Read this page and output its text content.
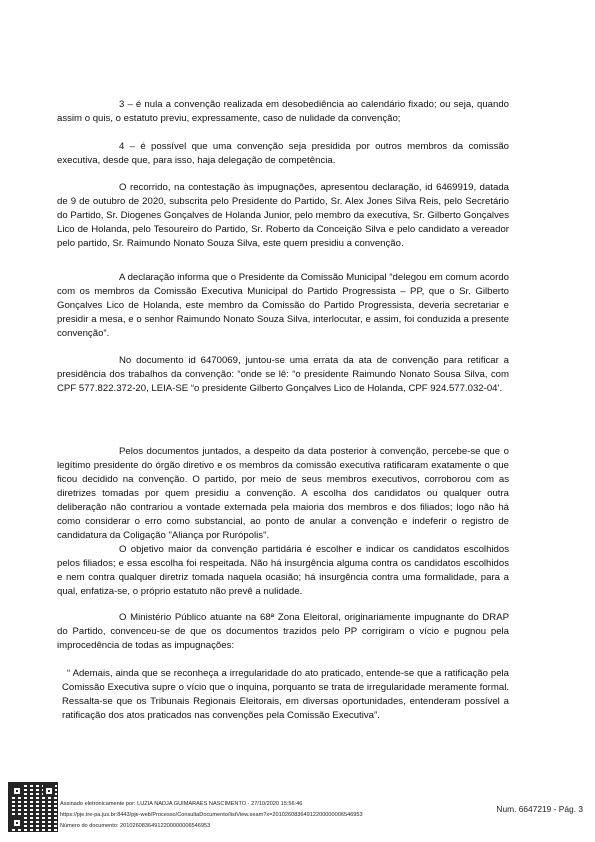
3 – é nula a convenção realizada em desobediência ao calendário fixado; ou seja, quando assim o quis, o estatuto previu, expressamente, caso de nulidade da convenção;

4 – é possível que uma convenção seja presidida por outros membros da comissão executiva, desde que, para isso, haja delegação de competência.

O recorrido, na contestação às impugnações, apresentou declaração, id 6469919, datada de 9 de outubro de 2020, subscrita pelo Presidente do Partido, Sr. Alex Jones Silva Reis, pelo Secretário do Partido, Sr. Diogenes Gonçalves de Holanda Junior, pelo membro da executiva, Sr. Gilberto Gonçalves Lico de Holanda, pelo Tesoureiro do Partido, Sr. Roberto da Conceição Silva e pelo candidato a vereador pelo partido, Sr. Raimundo Nonato Souza Silva, este quem presidiu a convenção.

A declaração informa que o Presidente da Comissão Municipal “delegou em comum acordo com os membros da Comissão Executiva Municipal do Partido Progressista – PP, que o Sr. Gilberto Gonçalves Lico de Holanda, este membro da Comissão do Partido Progressista, deveria secretariar e presidir a mesa, e o senhor Raimundo Nonato Souza Silva, interlocutar, e assim, foi conduzida a presente convenção”.

No documento id 6470069, juntou-se uma errata da ata de convenção para retificar a presidência dos trabalhos da convenção: “onde se lê: “o presidente Raimundo Nonato Sousa Silva, com CPF 577.822.372-20, LEIA-SE “o presidente Gilberto Gonçalves Lico de Holanda, CPF 924.577.032-04’.

Pelos documentos juntados, a despeito da data posterior à convenção, percebe-se que o legítimo presidente do órgão diretivo e os membros da comissão executiva ratificaram exatamente o que ficou decidido na convenção. O partido, por meio de seus membros executivos, corroborou com as diretrizes tomadas por quem presidiu a convenção. A escolha dos candidatos ou qualquer outra deliberação não contrariou a vontade externada pela maioria dos membros e dos filiados; logo não há como considerar o erro como substancial, ao ponto de anular a convenção e indeferir o registro de candidatura da Coligação "Aliança por Rurópolis".

O objetivo maior da convenção partidária é escolher e indicar os candidatos escolhidos pelos filiados; e essa escolha foi respeitada. Não há insurgência alguma contra os candidatos escolhidos e nem contra qualquer diretriz tomada naquela ocasião; há insurgência contra uma formalidade, para a qual, enfatiza-se, o próprio estatuto não prevê a nulidade.

O Ministério Público atuante na 68ª Zona Eleitoral, originariamente impugnante do DRAP do Partido, convenceu-se de que os documentos trazidos pelo PP corrigiram o vício e pugnou pela improcedência de todas as impugnações:

“ Ademais, ainda que se reconheça a irregularidade do ato praticado, entende-se que a ratificação pela Comissão Executiva supre o vício que o inquina, porquanto se trata de irregularidade meramente formal. Ressalta-se que os Tribunais Regionais Eleitorais, em diversas oportunidades, entenderam possível a ratificação dos atos praticados nas convenções pela Comissão Executiva”.

Assinado eletronicamente por: LUZIA NADJA GUIMARAES NASCIMENTO - 27/10/2020 15:56:46
https://pje.tre-pa.jus.br:8443/pje-web/Processo/ConsultaDocumento/listView.seam?x=20102608364912200000006546953
Número do documento: 20102608364912200000006546953
Num. 6647219 - Pág. 3
